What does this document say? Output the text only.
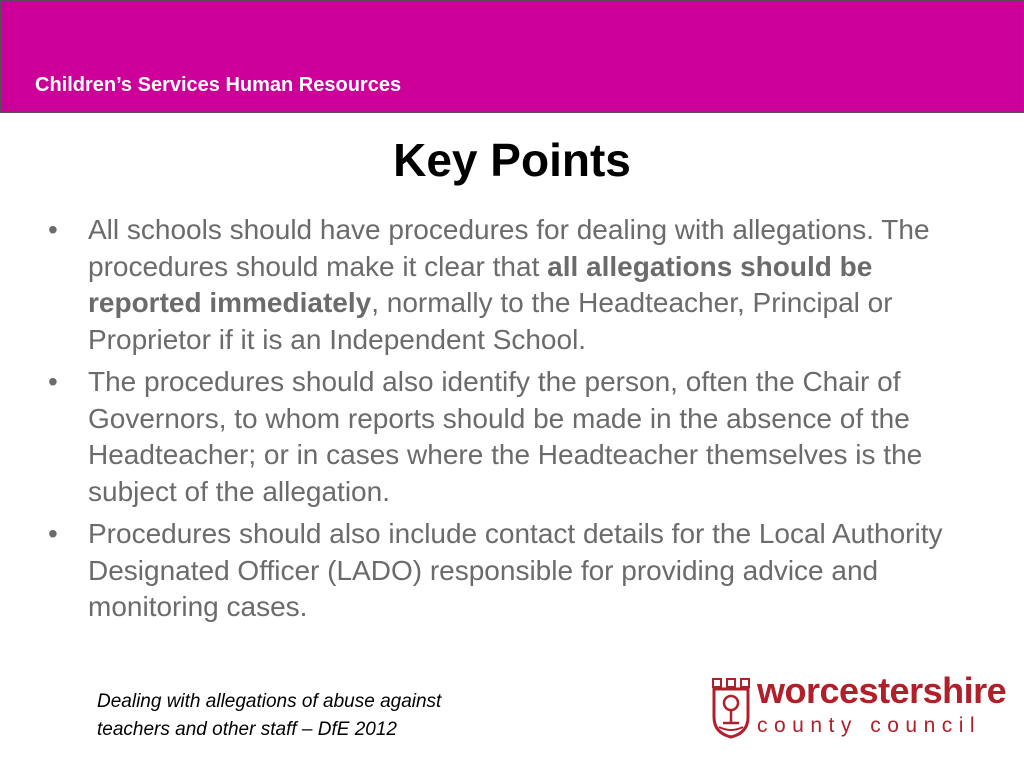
Children’s Services Human Resources
Key Points
• All schools should have procedures for dealing with allegations. The procedures should make it clear that all allegations should be reported immediately, normally to the Headteacher, Principal or Proprietor if it is an Independent School.
• The procedures should also identify the person, often the Chair of Governors, to whom reports should be made in the absence of the Headteacher; or in cases where the Headteacher themselves is the subject of the allegation.
• Procedures should also include contact details for the Local Authority Designated Officer (LADO) responsible for providing advice and monitoring cases.
Dealing with allegations of abuse against
teachers and other staff – DfE 2012
worcestershire
county council
